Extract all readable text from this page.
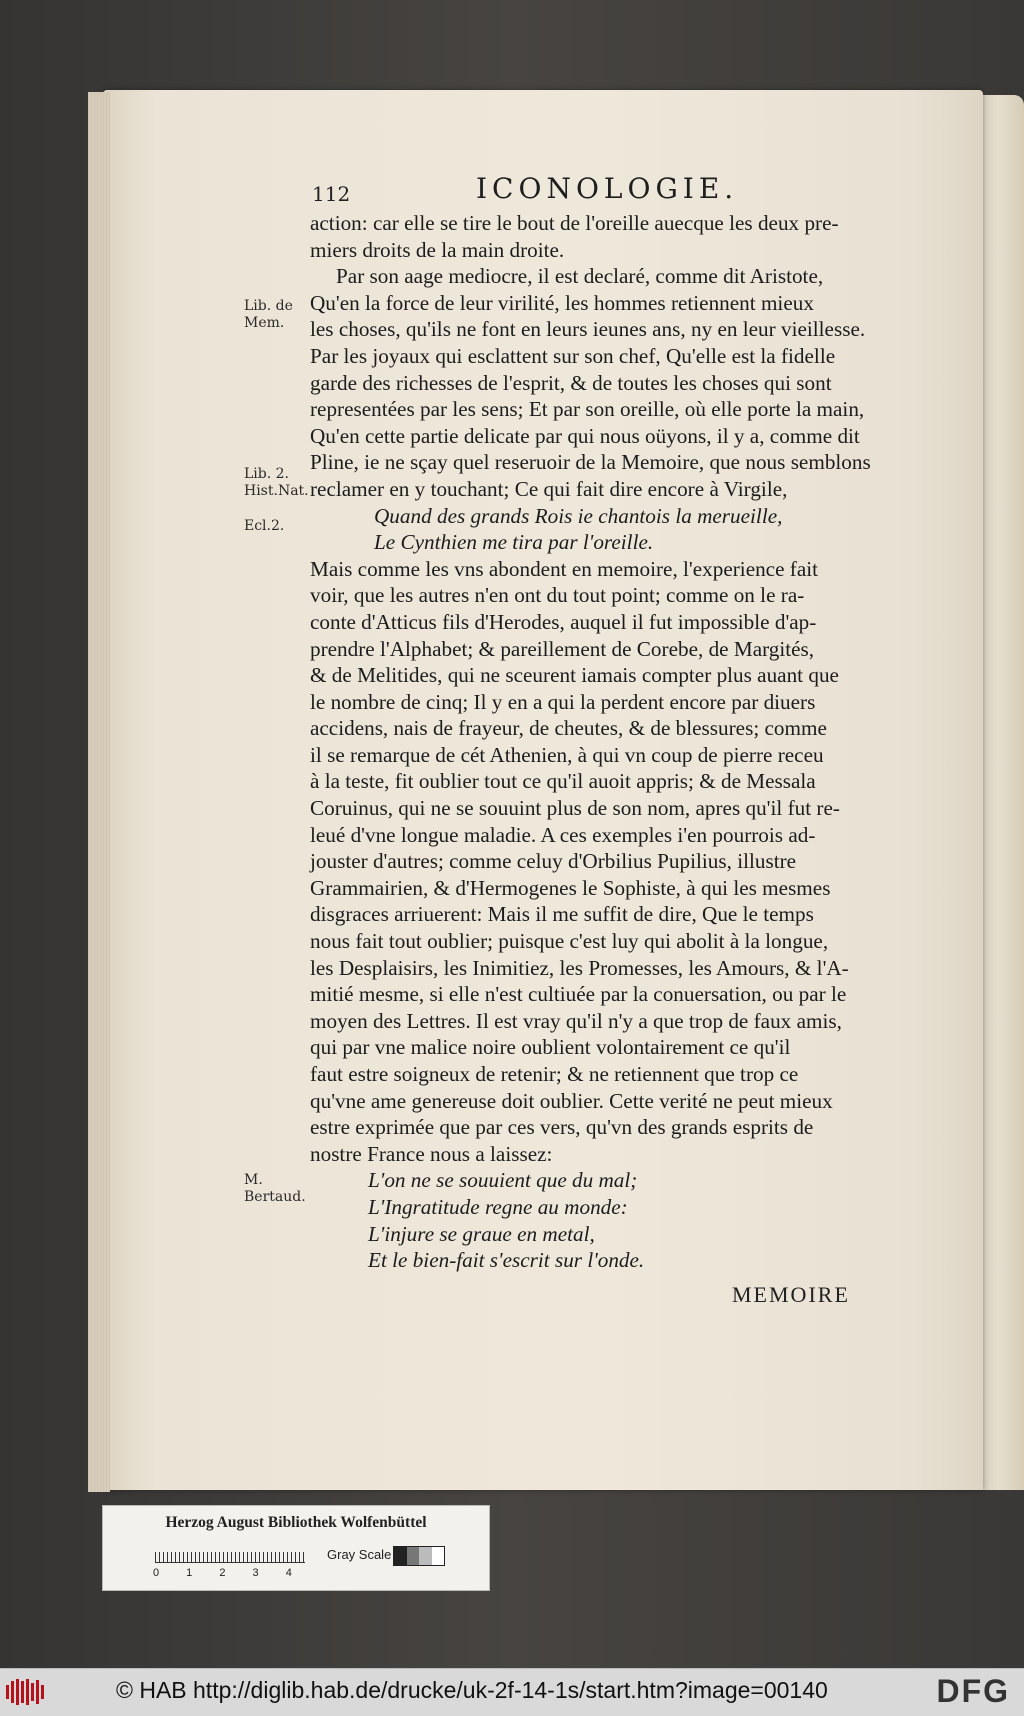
112	ICONOLOGIE.
Lib. de Mem.
Lib. 2. Hist.Nat.
Ecl.2.
M. Bertaud.
action: car elle se tire le bout de l'oreille auecque les deux pre-
miers droits de la main droite.
Par son aage mediocre, il est declaré, comme dit Aristote,
Qu'en la force de leur virilité, les hommes retiennent mieux
les choses, qu'ils ne font en leurs ieunes ans, ny en leur vieillesse.
Par les joyaux qui esclattent sur son chef, Qu'elle est la fidelle
garde des richesses de l'esprit, & de toutes les choses qui sont
representées par les sens; Et par son oreille, où elle porte la main,
Qu'en cette partie delicate par qui nous oüyons, il y a, comme dit
Pline, ie ne sçay quel reseruoir de la Memoire, que nous semblons
reclamer en y touchant; Ce qui fait dire encore à Virgile,
Quand des grands Rois ie chantois la merueille,
Le Cynthien me tira par l'oreille.
Mais comme les vns abondent en memoire, l'experience fait
voir, que les autres n'en ont du tout point; comme on le ra-
conte d'Atticus fils d'Herodes, auquel il fut impossible d'ap-
prendre l'Alphabet; & pareillement de Corebe, de Margités,
& de Melitides, qui ne sceurent iamais compter plus auant que
le nombre de cinq; Il y en a qui la perdent encore par diuers
accidens, nais de frayeur, de cheutes, & de blessures; comme
il se remarque de cét Athenien, à qui vn coup de pierre receu
à la teste, fit oublier tout ce qu'il auoit appris; & de Messala
Coruinus, qui ne se souuint plus de son nom, apres qu'il fut re-
leué d'vne longue maladie. A ces exemples i'en pourrois ad-
jouster d'autres; comme celuy d'Orbilius Pupilius, illustre
Grammairien, & d'Hermogenes le Sophiste, à qui les mesmes
disgraces arriuerent: Mais il me suffit de dire, Que le temps
nous fait tout oublier; puisque c'est luy qui abolit à la longue,
les Desplaisirs, les Inimitiez, les Promesses, les Amours, & l'A-
mitié mesme, si elle n'est cultiuée par la conuersation, ou par le
moyen des Lettres. Il est vray qu'il n'y a que trop de faux amis,
qui par vne malice noire oublient volontairement ce qu'il
faut estre soigneux de retenir; & ne retiennent que trop ce
qu'vne ame genereuse doit oublier. Cette verité ne peut mieux
estre exprimée que par ces vers, qu'vn des grands esprits de
nostre France nous a laissez:
L'on ne se souuient que du mal;
L'Ingratitude regne au monde:
L'injure se graue en metal,
Et le bien-fait s'escrit sur l'onde.
MEMOIRE
Herzog August Bibliothek Wolfenbüttel
0 1 2 3 4
Gray Scale
© HAB http://diglib.hab.de/drucke/uk-2f-14-1s/start.htm?image=00140	DFG
